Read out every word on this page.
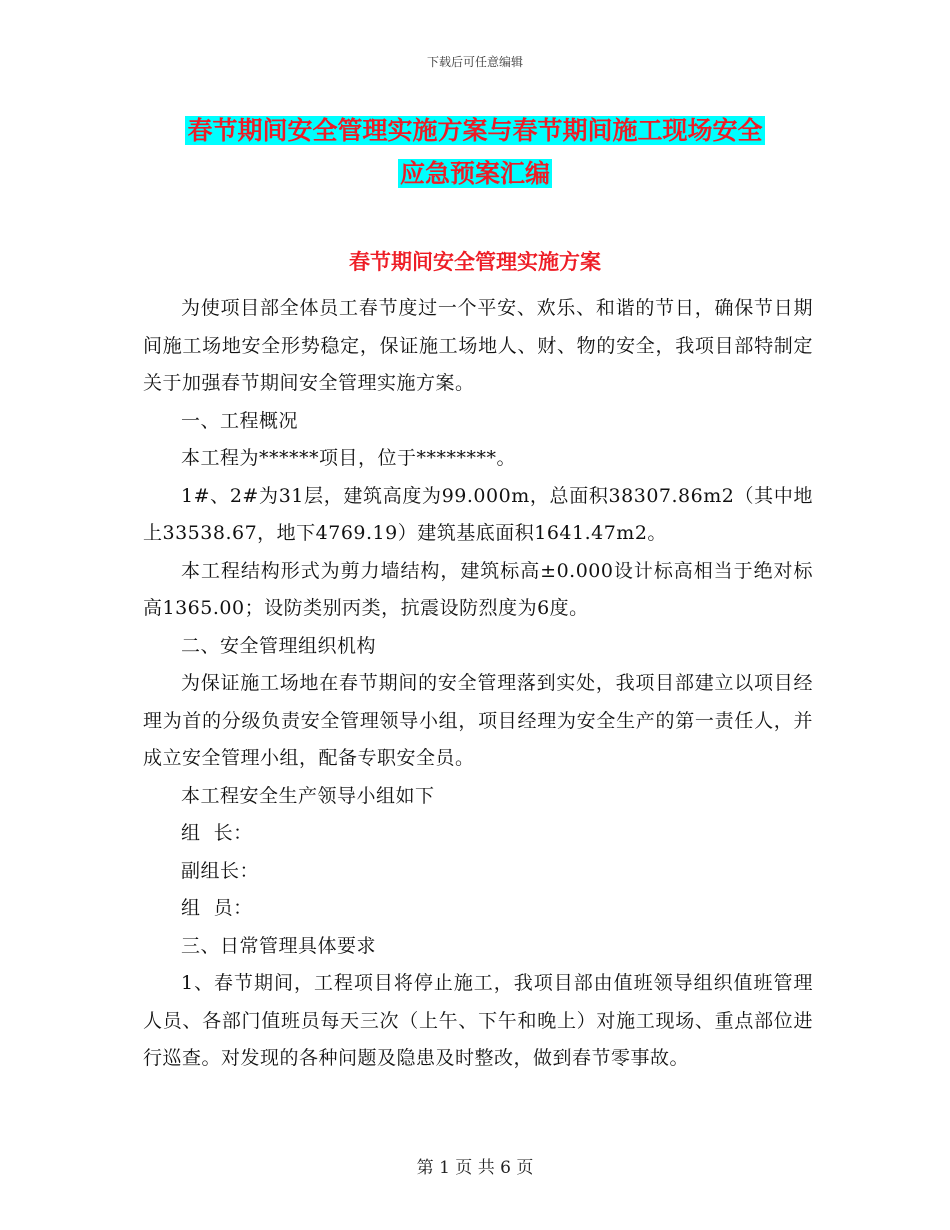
下载后可任意编辑
春节期间安全管理实施方案与春节期间施工现场安全
应急预案汇编
春节期间安全管理实施方案

为使项目部全体员工春节度过一个平安、欢乐、和谐的节日，确保节日期间施工场地安全形势稳定，保证施工场地人、财、物的安全，我项目部特制定关于加强春节期间安全管理实施方案。

一、工程概况

本工程为******项目，位于********。

1#、2#为31层，建筑高度为99.000m，总面积38307.86m2（其中地上33538.67，地下4769.19）建筑基底面积1641.47m2。

本工程结构形式为剪力墙结构，建筑标高±0.000设计标高相当于绝对标高1365.00；设防类别丙类，抗震设防烈度为6度。

二、安全管理组织机构

为保证施工场地在春节期间的安全管理落到实处，我项目部建立以项目经理为首的分级负责安全管理领导小组，项目经理为安全生产的第一责任人，并成立安全管理小组，配备专职安全员。

本工程安全生产领导小组如下

组  长：

副组长：

组  员：

三、日常管理具体要求

1、春节期间，工程项目将停止施工，我项目部由值班领导组织值班管理人员、各部门值班员每天三次（上午、下午和晚上）对施工现场、重点部位进行巡查。对发现的各种问题及隐患及时整改，做到春节零事故。

第 1 页 共 6 页
